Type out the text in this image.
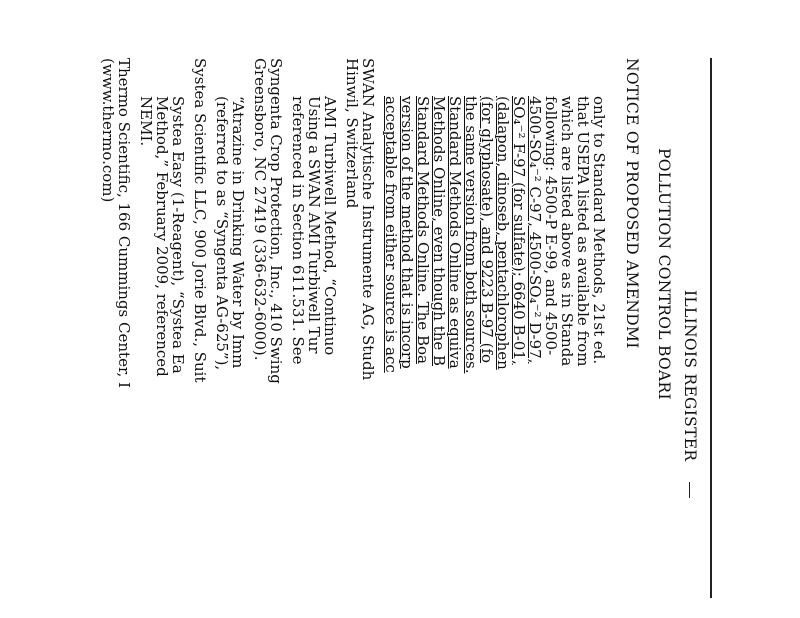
ILLINOIS REGISTER
POLLUTION CONTROL BOARI
NOTICE OF PROPOSED AMENDMI
only to Standard Methods, 21st ed.
that USEPA listed as available from
which are listed above as in Standa
following: 4500-P E-99, and 4500-
4500-SO₄⁻² C-97, 4500-SO₄⁻² D-97,
SO₄⁻² F-97 (for sulfate); 6640 B-01,
(dalapon, dinoseb, pentachlorophen
(for glyphosate), and 9223 B-97 (fo
the same version from both sources.
Standard Methods Online as equiva
Methods Online, even though the B
Standard Methods Online. The Boa
version of the method that is incorp
acceptable from either source is acc
SWAN Analytische Instrumente AG, Studh
Hinwil, Switzerland
AMI Turbiwell Method, “Continuo
Using a SWAN AMI Turbiwell Tur
referenced in Section 611.531. See
Syngenta Crop Protection, Inc., 410 Swing
Greensboro, NC 27419 (336-632-6000).
“Atrazine in Drinking Water by Imm
(referred to as “Syngenta AG-625”),
Systea Scientific LLC, 900 Jorie Blvd., Suit
Systea Easy (1-Reagent), “Systea Ea
Method,” February 2009, referenced
NEMI.
Thermo Scientific, 166 Cummings Center, I
(www.thermo.com)
